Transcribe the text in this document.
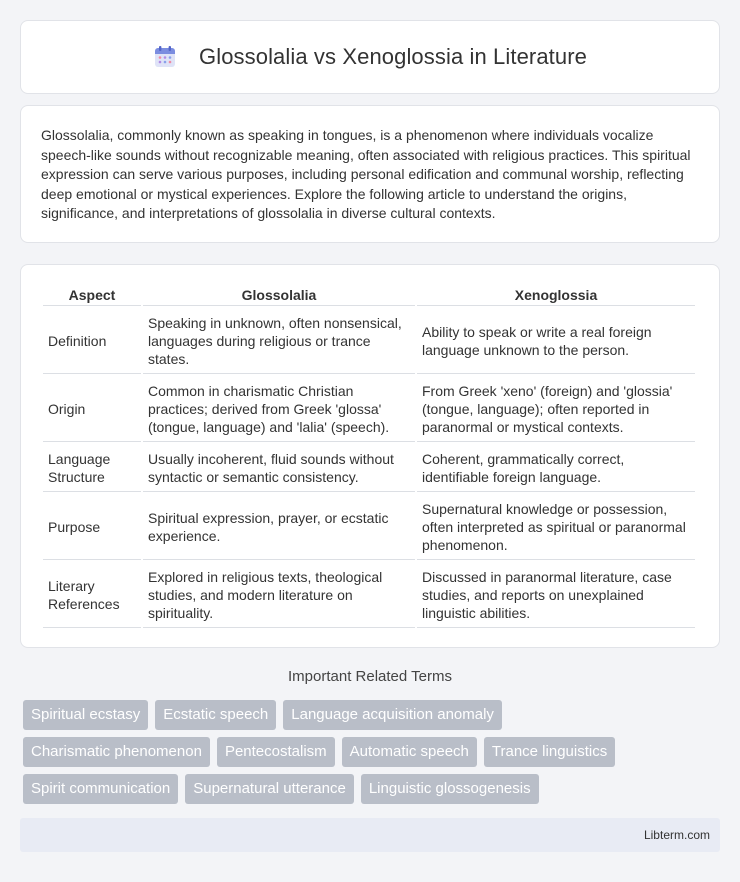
Glossolalia vs Xenoglossia in Literature

Glossolalia, commonly known as speaking in tongues, is a phenomenon where individuals vocalize speech-like sounds without recognizable meaning, often associated with religious practices. This spiritual expression can serve various purposes, including personal edification and communal worship, reflecting deep emotional or mystical experiences. Explore the following article to understand the origins, significance, and interpretations of glossolalia in diverse cultural contexts.

Aspect	Glossolalia	Xenoglossia
Definition	Speaking in unknown, often nonsensical, languages during religious or trance states.	Ability to speak or write a real foreign language unknown to the person.
Origin	Common in charismatic Christian practices; derived from Greek 'glossa' (tongue, language) and 'lalia' (speech).	From Greek 'xeno' (foreign) and 'glossia' (tongue, language); often reported in paranormal or mystical contexts.
Language Structure	Usually incoherent, fluid sounds without syntactic or semantic consistency.	Coherent, grammatically correct, identifiable foreign language.
Purpose	Spiritual expression, prayer, or ecstatic experience.	Supernatural knowledge or possession, often interpreted as spiritual or paranormal phenomenon.
Literary References	Explored in religious texts, theological studies, and modern literature on spirituality.	Discussed in paranormal literature, case studies, and reports on unexplained linguistic abilities.
Important Related Terms
Spiritual ecstasy	Ecstatic speech	Language acquisition anomaly
Charismatic phenomenon	Pentecostalism	Automatic speech	Trance linguistics
Spirit communication	Supernatural utterance	Linguistic glossogenesis
Libterm.com
